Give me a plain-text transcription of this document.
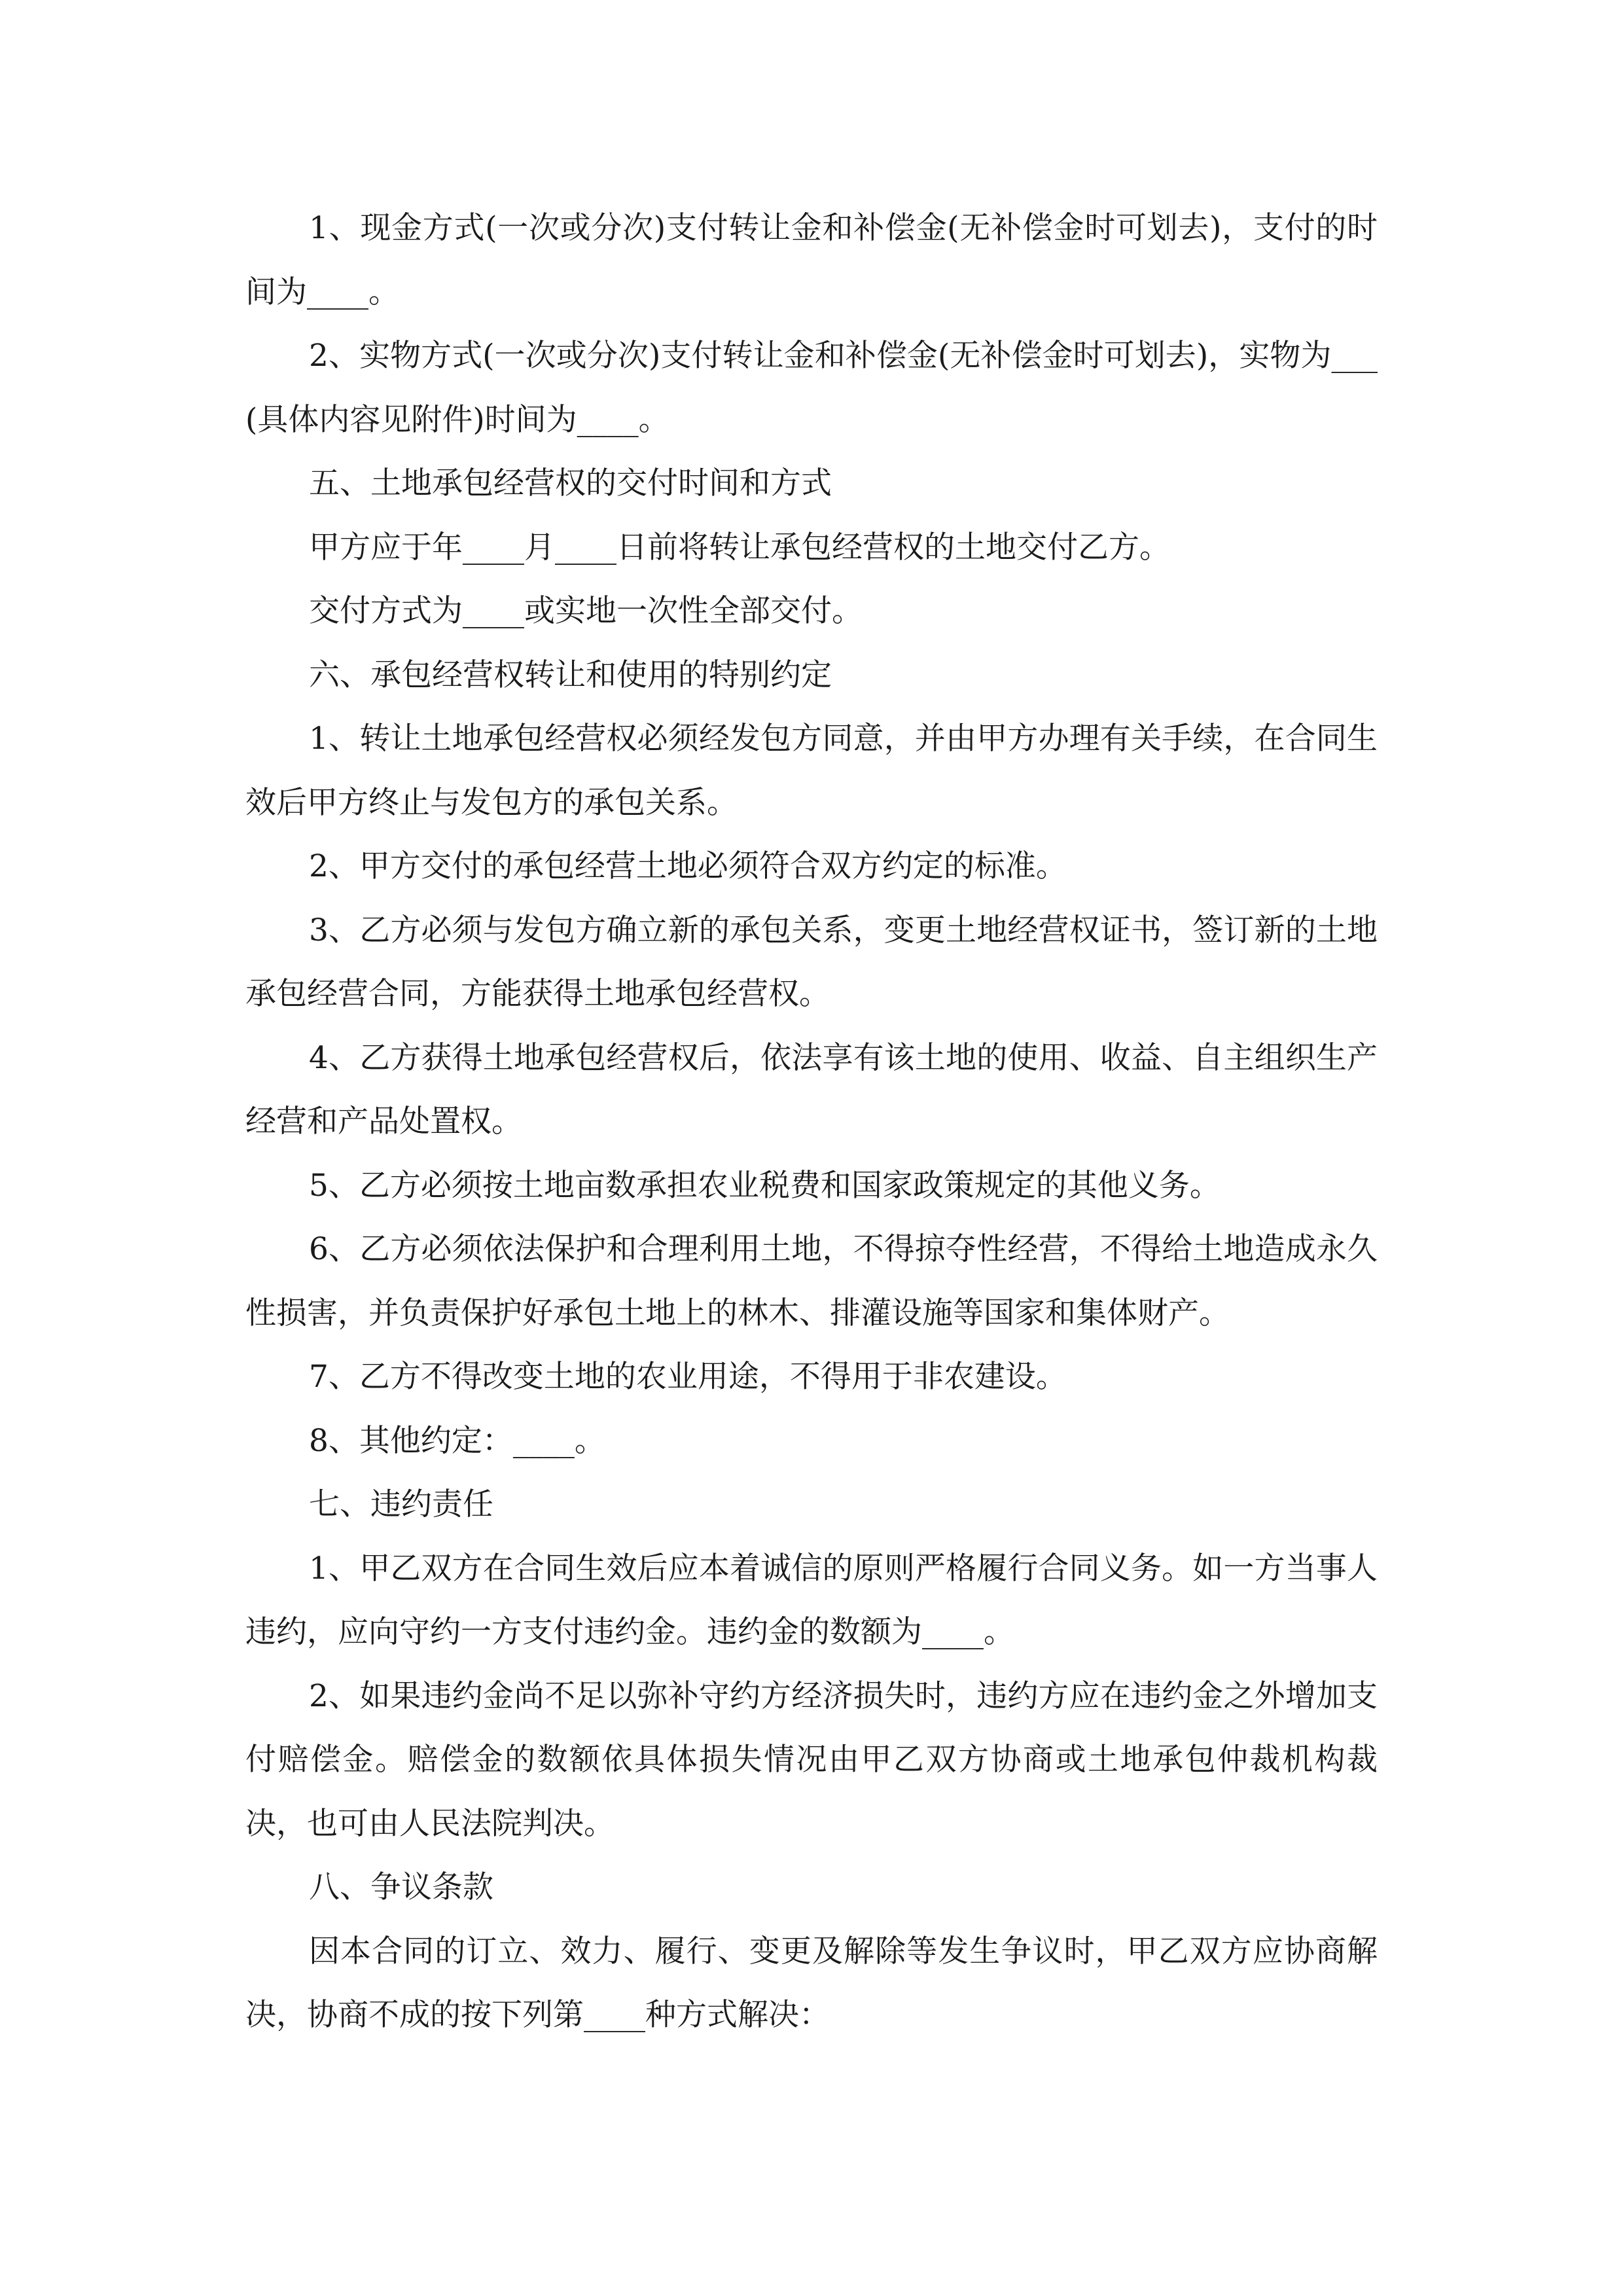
1、现金方式(一次或分次)支付转让金和补偿金(无补偿金时可划去)，支付的时间为____。

2、实物方式(一次或分次)支付转让金和补偿金(无补偿金时可划去)，实物为___(具体内容见附件)时间为____。

五、土地承包经营权的交付时间和方式

甲方应于年____月____日前将转让承包经营权的土地交付乙方。

交付方式为____或实地一次性全部交付。

六、承包经营权转让和使用的特别约定

1、转让土地承包经营权必须经发包方同意，并由甲方办理有关手续，在合同生效后甲方终止与发包方的承包关系。

2、甲方交付的承包经营土地必须符合双方约定的标准。

3、乙方必须与发包方确立新的承包关系，变更土地经营权证书，签订新的土地承包经营合同，方能获得土地承包经营权。

4、乙方获得土地承包经营权后，依法享有该土地的使用、收益、自主组织生产经营和产品处置权。

5、乙方必须按土地亩数承担农业税费和国家政策规定的其他义务。

6、乙方必须依法保护和合理利用土地，不得掠夺性经营，不得给土地造成永久性损害，并负责保护好承包土地上的林木、排灌设施等国家和集体财产。

7、乙方不得改变土地的农业用途，不得用于非农建设。

8、其他约定：____。

七、违约责任

1、甲乙双方在合同生效后应本着诚信的原则严格履行合同义务。如一方当事人违约，应向守约一方支付违约金。违约金的数额为____。

2、如果违约金尚不足以弥补守约方经济损失时，违约方应在违约金之外增加支付赔偿金。赔偿金的数额依具体损失情况由甲乙双方协商或土地承包仲裁机构裁决，也可由人民法院判决。

八、争议条款

因本合同的订立、效力、履行、变更及解除等发生争议时，甲乙双方应协商解决，协商不成的按下列第____种方式解决：
